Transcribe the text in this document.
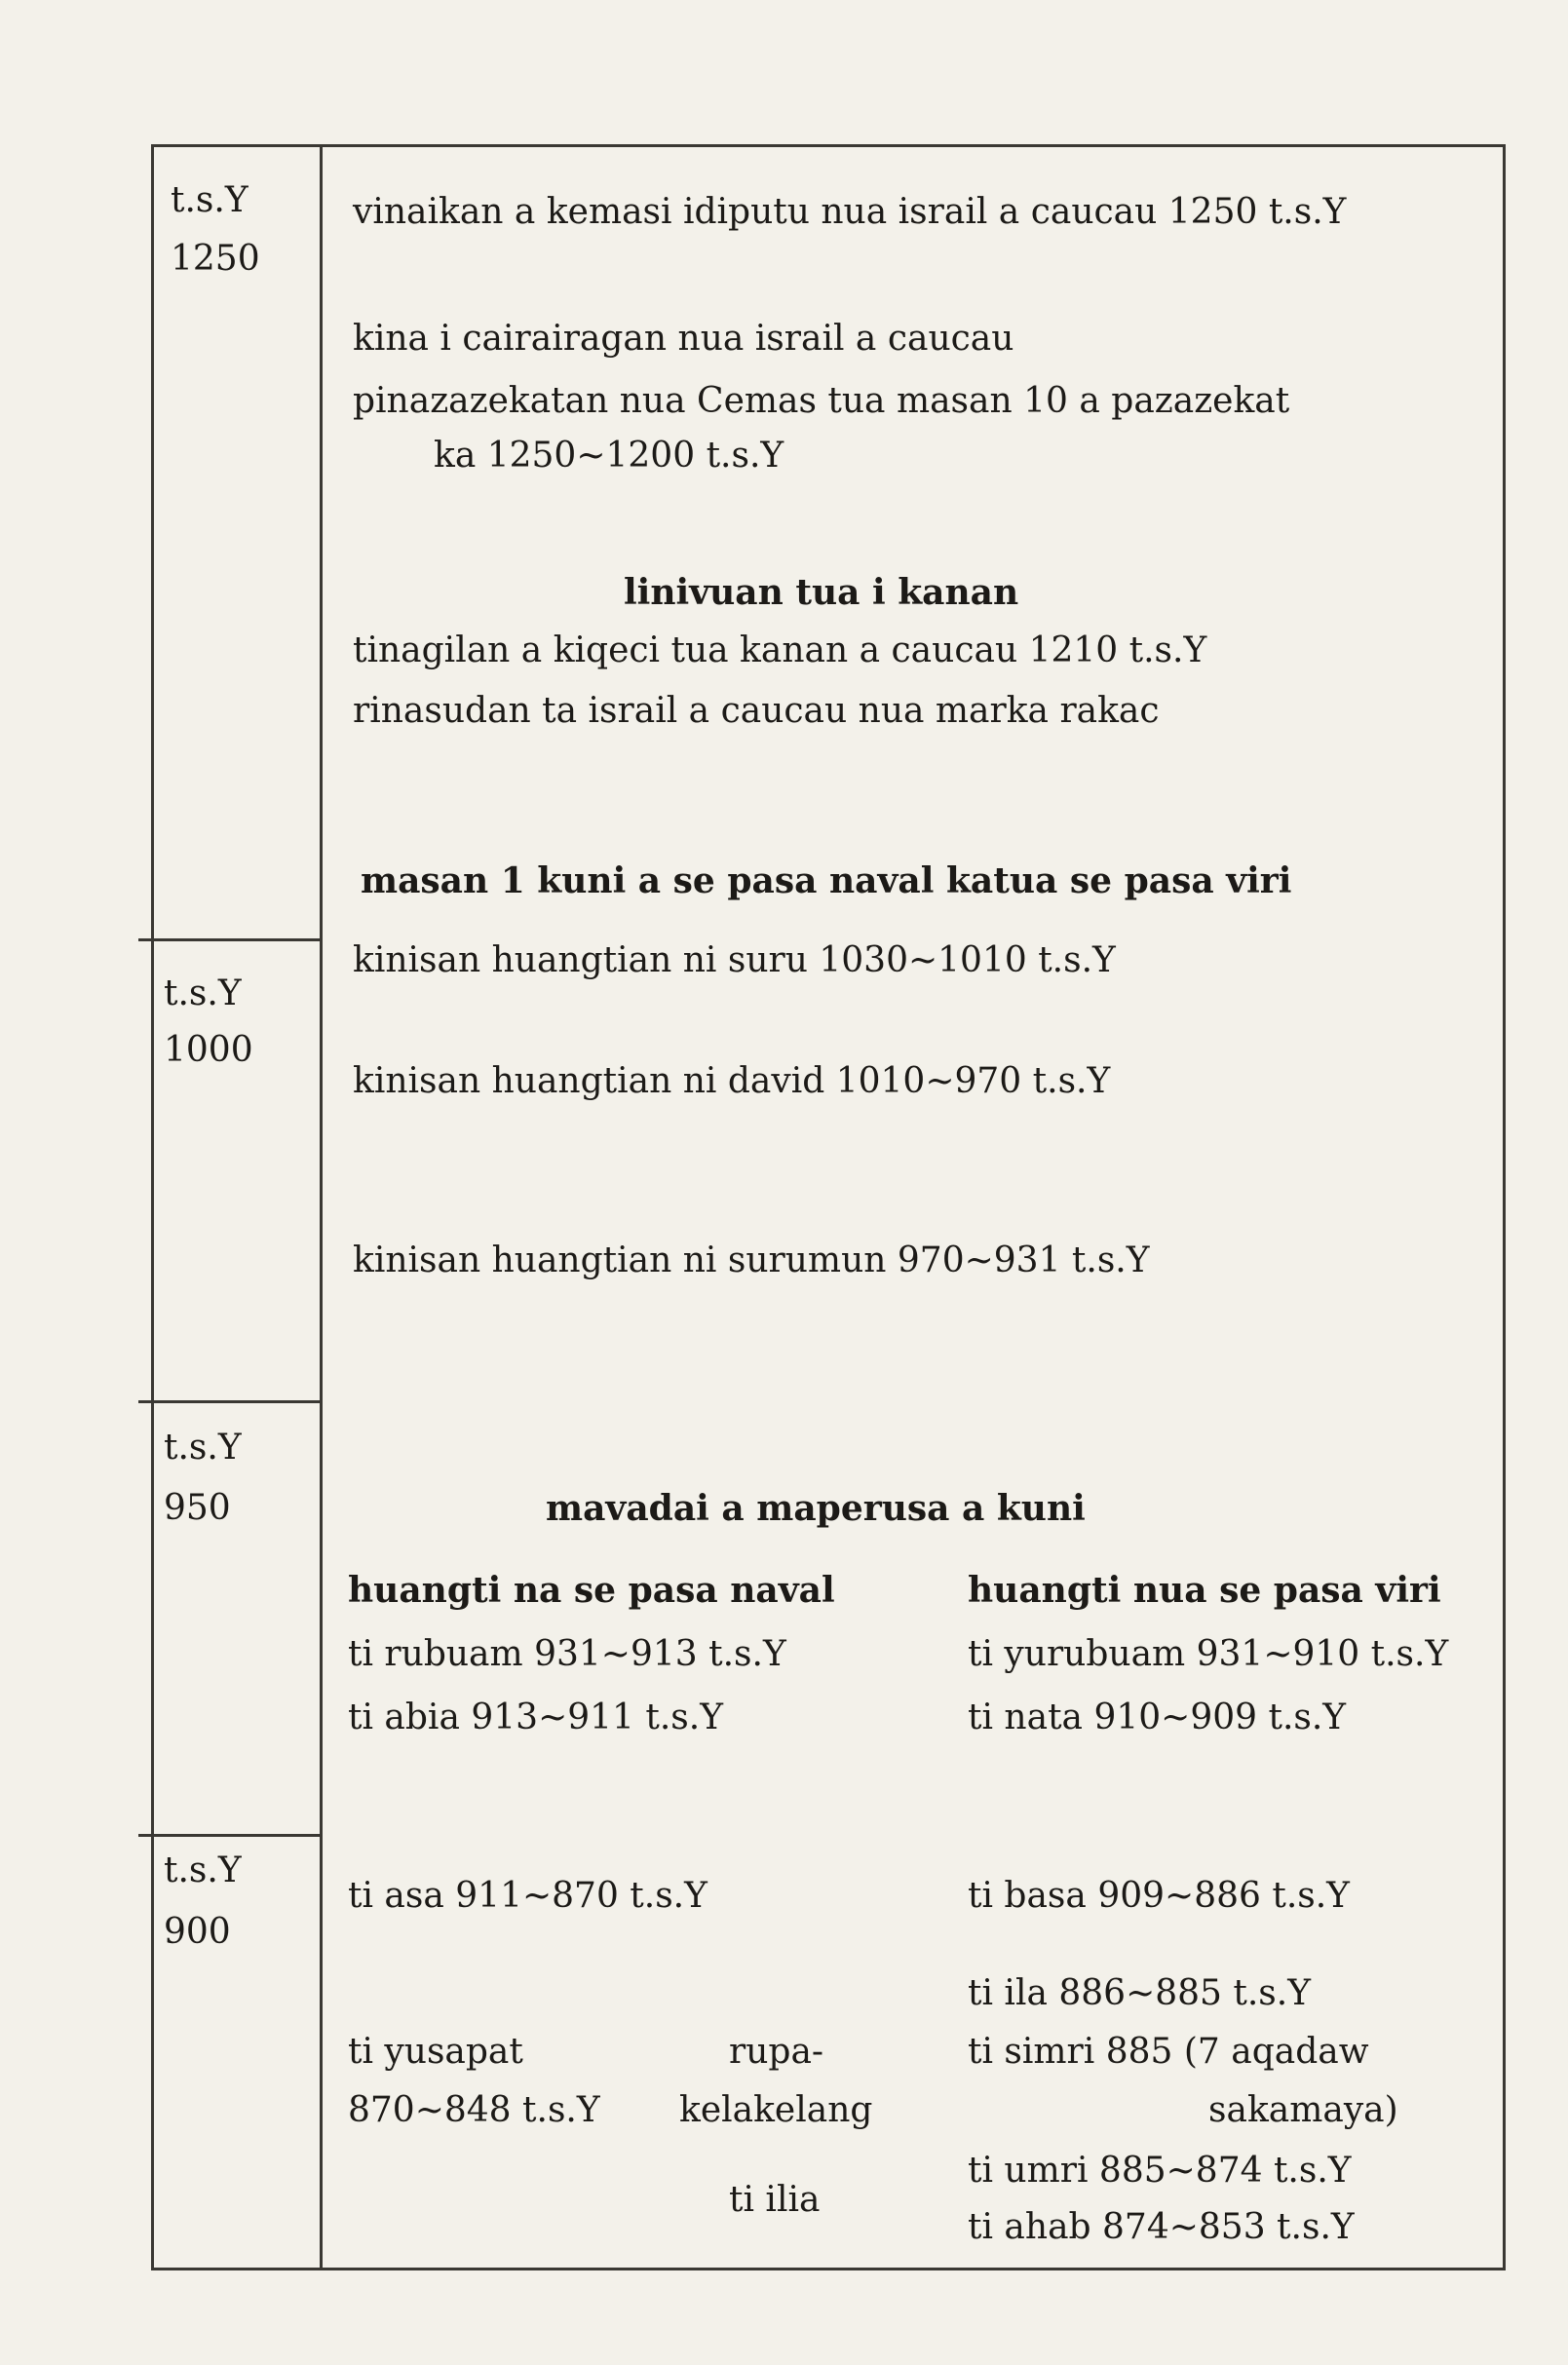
t.s.Y
1250
t.s.Y
1000
t.s.Y
950
t.s.Y
900
vinaikan a kemasi idiputu nua israil a caucau 1250 t.s.Y
kina i cairairagan nua israil a caucau
pinazazekatan nua Cemas tua masan 10 a pazazekat
ka 1250~1200 t.s.Y
linivuan tua i kanan
tinagilan a kiqeci tua kanan a caucau 1210 t.s.Y
rinasudan ta israil a caucau nua marka rakac
masan 1 kuni a se pasa naval katua se pasa viri
kinisan huangtian ni suru 1030~1010 t.s.Y
kinisan huangtian ni david 1010~970 t.s.Y
kinisan huangtian ni surumun 970~931 t.s.Y
mavadai a maperusa a kuni
huangti na se pasa naval	huangti nua se pasa viri
ti rubuam 931~913 t.s.Y
ti abia 913~911 t.s.Y
ti asa 911~870 t.s.Y
ti yusapat
870~848 t.s.Y
rupa-
kelakelang
ti ilia
ti yurubuam 931~910 t.s.Y
ti nata 910~909 t.s.Y
ti basa 909~886 t.s.Y
ti ila 886~885 t.s.Y
ti simri 885 (7 aqadaw
sakamaya)
ti umri 885~874 t.s.Y
ti ahab 874~853 t.s.Y
